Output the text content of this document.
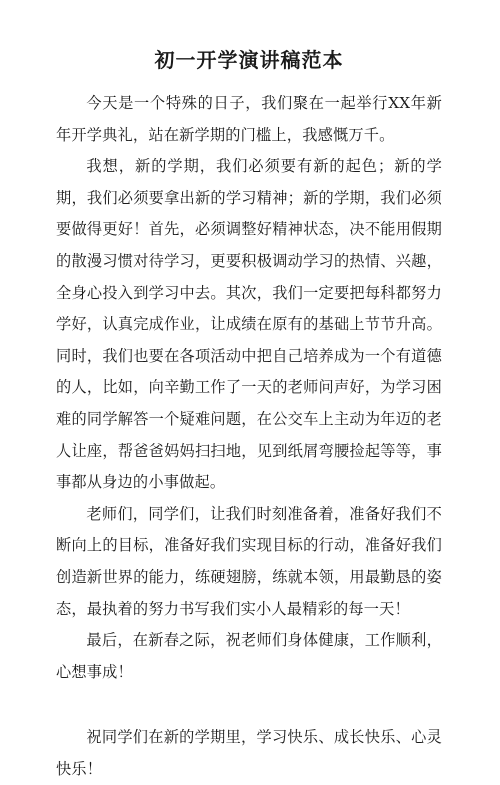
初一开学演讲稿范本

今天是一个特殊的日子，我们聚在一起举行XX年新年开学典礼，站在新学期的门槛上，我感慨万千。

我想，新的学期，我们必须要有新的起色；新的学期，我们必须要拿出新的学习精神；新的学期，我们必须要做得更好！首先，必须调整好精神状态，决不能用假期的散漫习惯对待学习，更要积极调动学习的热情、兴趣，全身心投入到学习中去。其次，我们一定要把每科都努力学好，认真完成作业，让成绩在原有的基础上节节升高。同时，我们也要在各项活动中把自己培养成为一个有道德的人，比如，向辛勤工作了一天的老师问声好，为学习困难的同学解答一个疑难问题，在公交车上主动为年迈的老人让座，帮爸爸妈妈扫扫地，见到纸屑弯腰捡起等等，事事都从身边的小事做起。

老师们，同学们，让我们时刻准备着，准备好我们不断向上的目标，准备好我们实现目标的行动，准备好我们创造新世界的能力，练硬翅膀，练就本领，用最勤恳的姿态，最执着的努力书写我们实小人最精彩的每一天！

最后，在新春之际，祝老师们身体健康，工作顺利，心想事成！

祝同学们在新的学期里，学习快乐、成长快乐、心灵快乐！
